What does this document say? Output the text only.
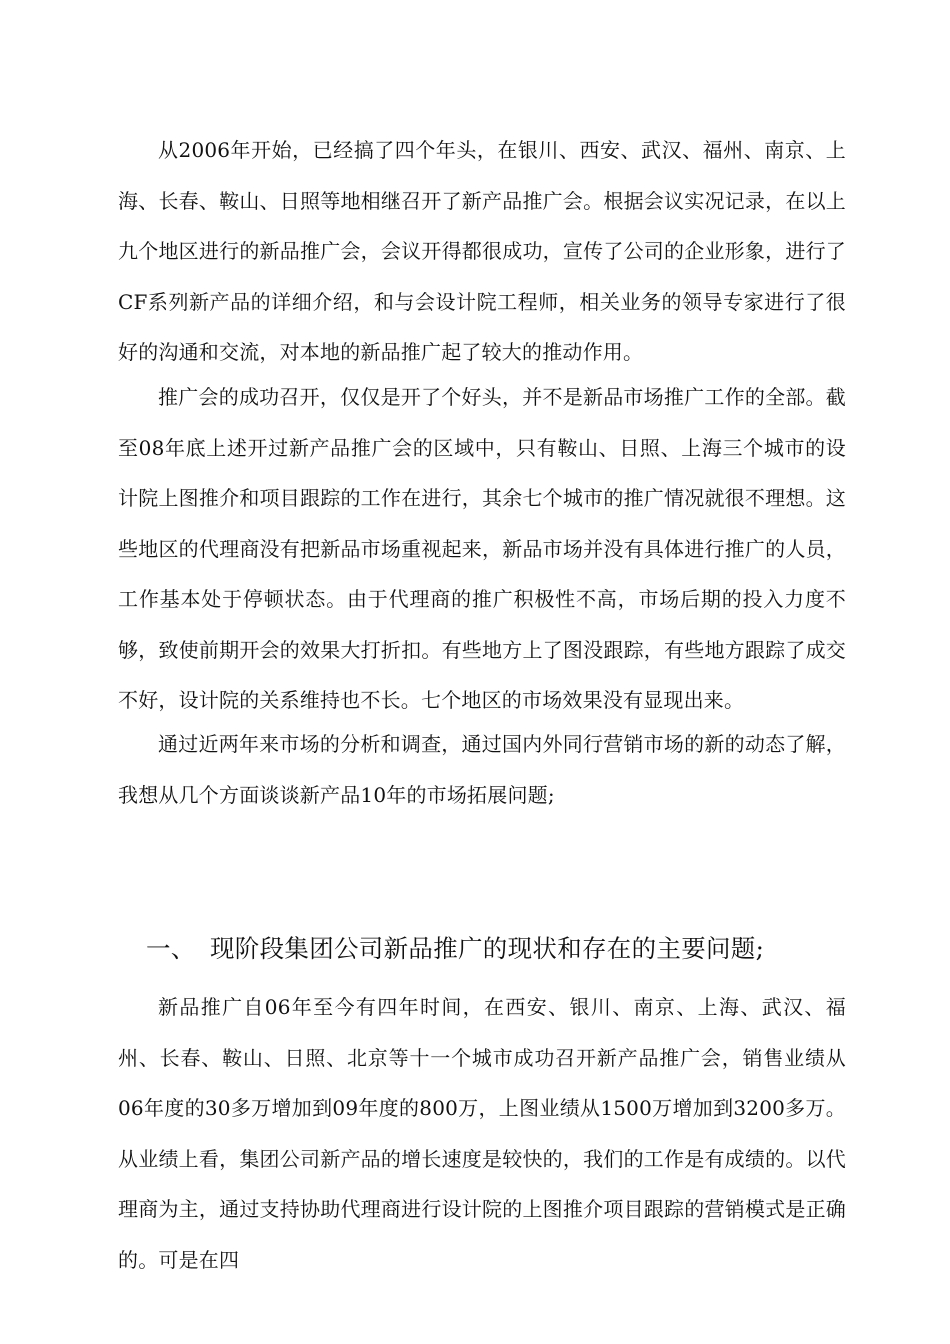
从2006年开始，已经搞了四个年头，在银川、西安、武汉、福州、南京、上海、长春、鞍山、日照等地相继召开了新产品推广会。根据会议实况记录，在以上九个地区进行的新品推广会，会议开得都很成功，宣传了公司的企业形象，进行了CF系列新产品的详细介绍，和与会设计院工程师，相关业务的领导专家进行了很好的沟通和交流，对本地的新品推广起了较大的推动作用。

推广会的成功召开，仅仅是开了个好头，并不是新品市场推广工作的全部。截至08年底上述开过新产品推广会的区域中，只有鞍山、日照、上海三个城市的设计院上图推介和项目跟踪的工作在进行，其余七个城市的推广情况就很不理想。这些地区的代理商没有把新品市场重视起来，新品市场并没有具体进行推广的人员，工作基本处于停顿状态。由于代理商的推广积极性不高，市场后期的投入力度不够，致使前期开会的效果大打折扣。有些地方上了图没跟踪，有些地方跟踪了成交不好，设计院的关系维持也不长。七个地区的市场效果没有显现出来。

通过近两年来市场的分析和调查，通过国内外同行营销市场的新的动态了解，我想从几个方面谈谈新产品10年的市场拓展问题;

一、 现阶段集团公司新品推广的现状和存在的主要问题;

新品推广自06年至今有四年时间，在西安、银川、南京、上海、武汉、福州、长春、鞍山、日照、北京等十一个城市成功召开新产品推广会，销售业绩从06年度的30多万增加到09年度的800万，上图业绩从1500万增加到3200多万。从业绩上看，集团公司新产品的增长速度是较快的，我们的工作是有成绩的。以代理商为主，通过支持协助代理商进行设计院的上图推介项目跟踪的营销模式是正确的。可是在四
